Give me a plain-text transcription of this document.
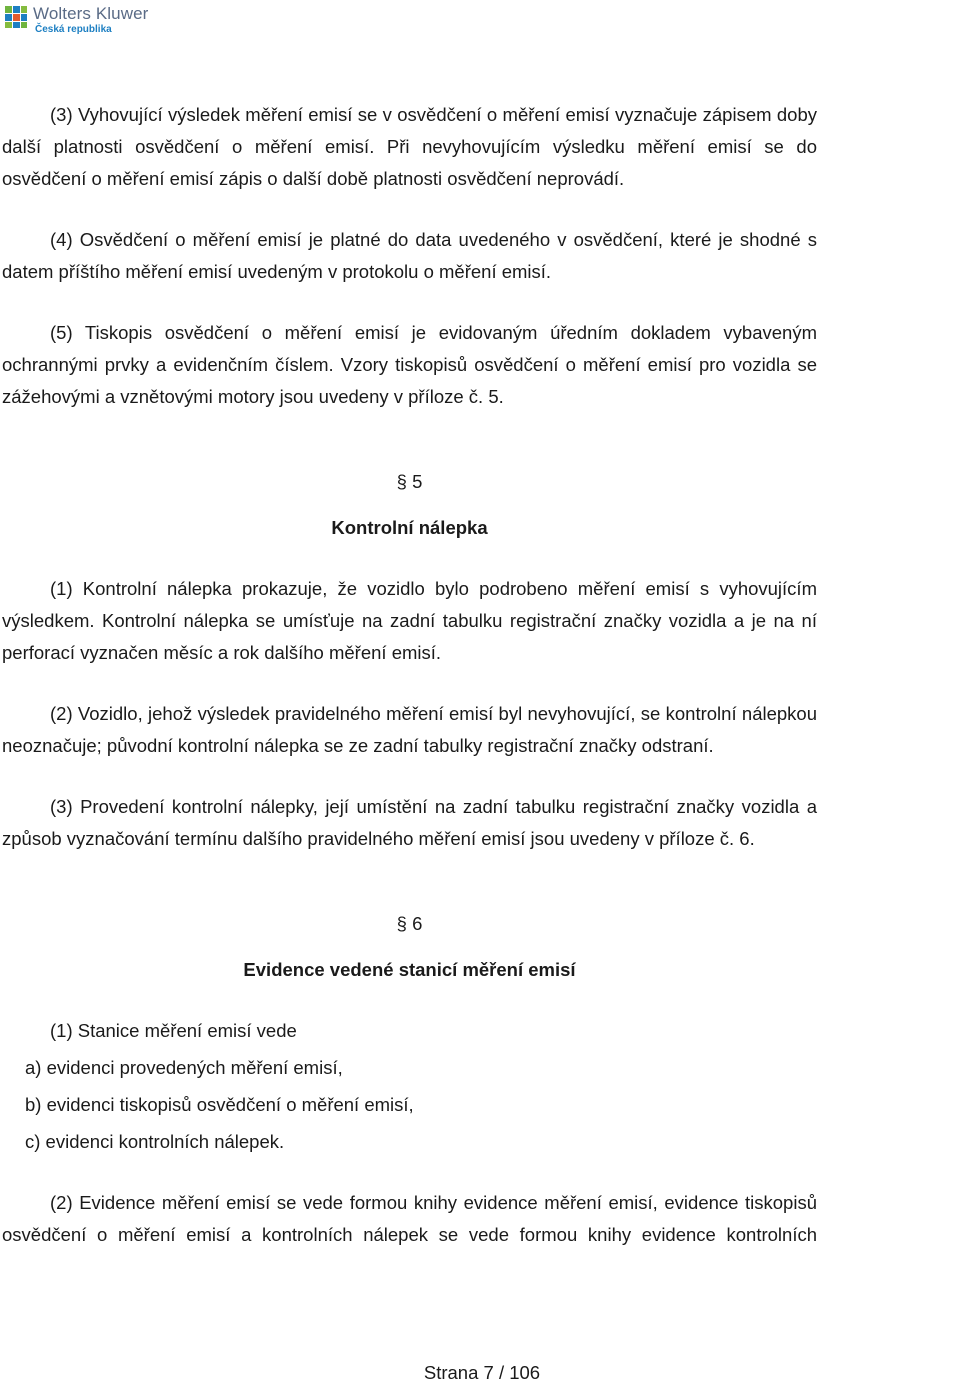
Wolters Kluwer
Česká republika

(3) Vyhovující výsledek měření emisí se v osvědčení o měření emisí vyznačuje zápisem doby další platnosti osvědčení o měření emisí. Při nevyhovujícím výsledku měření emisí se do osvědčení o měření emisí zápis o další době platnosti osvědčení neprovádí.

(4) Osvědčení o měření emisí je platné do data uvedeného v osvědčení, které je shodné s datem příštího měření emisí uvedeným v protokolu o měření emisí.

(5) Tiskopis osvědčení o měření emisí je evidovaným úředním dokladem vybaveným ochrannými prvky a evidenčním číslem. Vzory tiskopisů osvědčení o měření emisí pro vozidla se zážehovými a vznětovými motory jsou uvedeny v příloze č. 5.

§ 5
Kontrolní nálepka

(1) Kontrolní nálepka prokazuje, že vozidlo bylo podrobeno měření emisí s vyhovujícím výsledkem. Kontrolní nálepka se umísťuje na zadní tabulku registrační značky vozidla a je na ní perforací vyznačen měsíc a rok dalšího měření emisí.

(2) Vozidlo, jehož výsledek pravidelného měření emisí byl nevyhovující, se kontrolní nálepkou neoznačuje; původní kontrolní nálepka se ze zadní tabulky registrační značky odstraní.

(3) Provedení kontrolní nálepky, její umístění na zadní tabulku registrační značky vozidla a způsob vyznačování termínu dalšího pravidelného měření emisí jsou uvedeny v příloze č. 6.

§ 6
Evidence vedené stanicí měření emisí

(1) Stanice měření emisí vede

a) evidenci provedených měření emisí,
b) evidenci tiskopisů osvědčení o měření emisí,
c) evidenci kontrolních nálepek.

(2) Evidence měření emisí se vede formou knihy evidence měření emisí, evidence tiskopisů osvědčení o měření emisí a kontrolních nálepek se vede formou knihy evidence kontrolních

Strana 7 / 106
